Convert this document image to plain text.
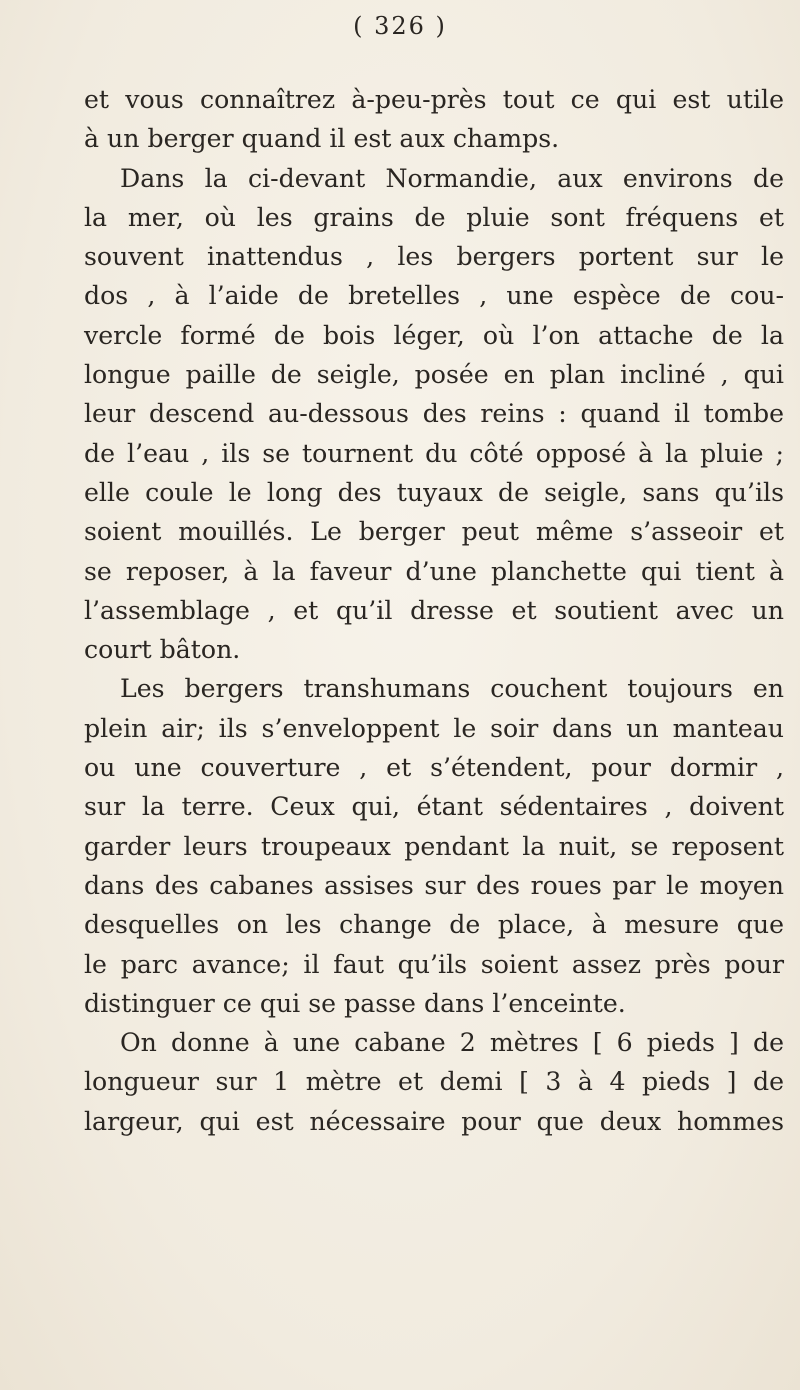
( 326 )
et vous connaîtrez à-peu-près tout ce qui est utile
à un berger quand il est aux champs.
Dans la ci-devant Normandie, aux environs de
la mer, où les grains de pluie sont fréquens et
souvent inattendus , les bergers portent sur le
dos , à l’aide de bretelles , une espèce de cou-
vercle formé de bois léger, où l’on attache de la
longue paille de seigle, posée en plan incliné , qui
leur descend au-dessous des reins : quand il tombe
de l’eau , ils se tournent du côté opposé à la pluie ;
elle coule le long des tuyaux de seigle, sans qu’ils
soient mouillés. Le berger peut même s’asseoir et
se reposer, à la faveur d’une planchette qui tient à
l’assemblage , et qu’il dresse et soutient avec un
court bâton.
Les bergers transhumans couchent toujours en
plein air; ils s’enveloppent le soir dans un manteau
ou une couverture , et s’étendent, pour dormir ,
sur la terre. Ceux qui, étant sédentaires , doivent
garder leurs troupeaux pendant la nuit, se reposent
dans des cabanes assises sur des roues par le moyen
desquelles on les change de place, à mesure que
le parc avance; il faut qu’ils soient assez près pour
distinguer ce qui se passe dans l’enceinte.
On donne à une cabane 2 mètres [ 6 pieds ] de
longueur sur 1 mètre et demi [ 3 à 4 pieds ] de
largeur, qui est nécessaire pour que deux hommes
